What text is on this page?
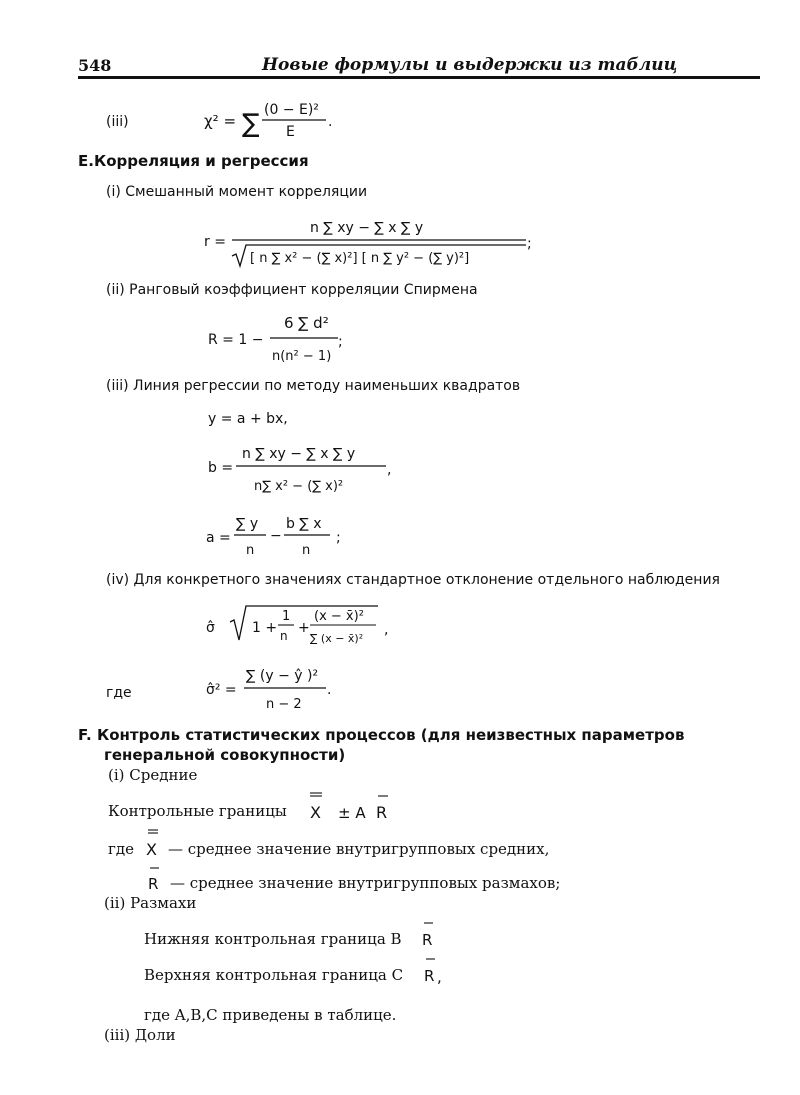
548	Новые формулы и выдержки из таблиц
(iii)	χ² = ∑ (0 − E)²
E
.
E.Корреляция и регрессия
(i) Смешанный момент корреляции
r =
n ∑ xy − ∑ x ∑ y
[ n ∑ x² − (∑ x)²] [ n ∑ y² − (∑ y)²]
;
(ii) Ранговый коэффициент корреляции Спирмена
R = 1 −
6 ∑ d²
n(n² − 1)
;
(iii) Линия регрессии по методу наименьших квадратов
y = a + bx,
b =
n ∑ xy − ∑ x ∑ y
n∑ x² − (∑ x)²
,
a =
∑ y
n
−
b ∑ x
n
;
(iv) Для конкретного значениях стандартное отклонение отдельного наблюдения
σ̂	1 +
1
n +
(x − x̄)²
∑ (x − x̄)²
,
где	σ̂² =
∑ (y − ŷ )²
n − 2
.
F. Контроль статистических процессов (для неизвестных параметров
генеральной совокупности)
(i) Средние
Контрольные границы X ± A R
где X — среднее значение внутригрупповых средних,
R — среднее значение внутригрупповых размахов;
(ii) Размахи
Нижняя контрольная граница B R
Верхняя контрольная граница C R ,
где A,B,C приведены в таблице.
(iii) Доли
